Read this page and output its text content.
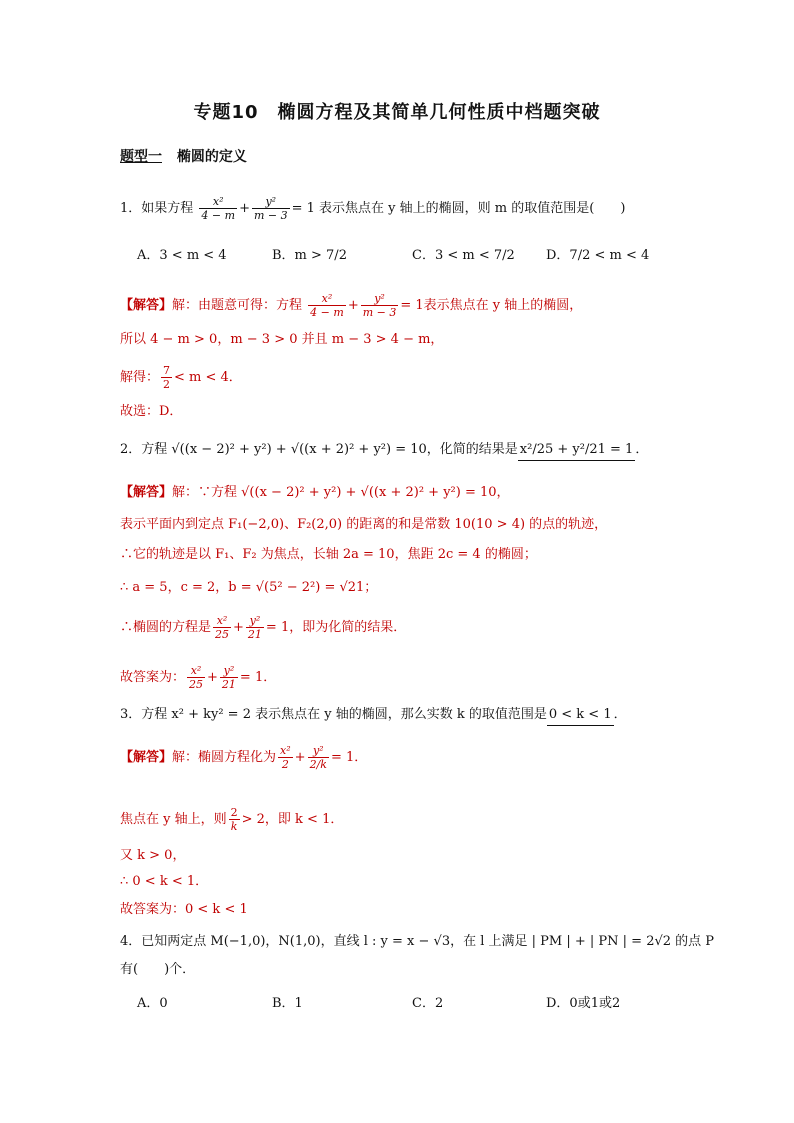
专题10　椭圆方程及其简单几何性质中档题突破
题型一 椭圆的定义
1．如果方程 $\frac{\text{x²}}{4 - m} + \frac{\text{y²}}{m - 3} = 1$ 表示焦点在 y 轴上的椭圆，则 m 的取值范围是(　　)
A．3 < m < 4	B．m > 7/2	C．3 < m < 7/2 D．7/2 < m < 4
【解答】解：由题意可得：方程 $\frac{\text{x²}}{4 - m} + \frac{\text{y²}}{m - 3} = 1$表示焦点在 y 轴上的椭圆，
所以 4 − m > 0，m − 3 > 0 并且 m − 3 > 4 − m，
解得： $\frac{7}{2} < m < 4$．
故选：D．
2．方程 √((x − 2)² + y²) + √((x + 2)² + y²) = 10，化简的结果是 x²/25 + y²/21 = 1 ．
【解答】解：∵方程 √((x − 2)² + y²) + √((x + 2)² + y²) = 10，
表示平面内到定点 F₁(−2,0)、F₂(2,0) 的距离的和是常数 10(10 > 4) 的点的轨迹，
∴它的轨迹是以 F₁、F₂ 为焦点，长轴 2a = 10，焦距 2c = 4 的椭圆；
∴ a = 5，c = 2，b = √(5² − 2²) = √21；
∴椭圆的方程是 $\frac{\text{x²}}{25} + \frac{\text{y²}}{21} = 1$，即为化简的结果．
故答案为： $\frac{\text{x²}}{25} + \frac{\text{y²}}{21} = 1$．
3．方程 x² + ky² = 2 表示焦点在 y 轴的椭圆，那么实数 k 的取值范围是 0 < k < 1 ．
【解答】解：椭圆方程化为 $\frac{\text{x²}}{2} + \frac{\text{y²}}{2/k} = 1$．
焦点在 y 轴上，则 $\frac{2}{k} > 2$，即 k < 1．
又 k > 0，
∴ 0 < k < 1．
故答案为：0 < k < 1
4．已知两定点 M(−1,0)，N(1,0)，直线 l : y = x − √3，在 l 上满足 | PM | + | PN | = 2√2 的点 P
有(　　)个．
A．0	B．1	C．2	D．0或1或2
